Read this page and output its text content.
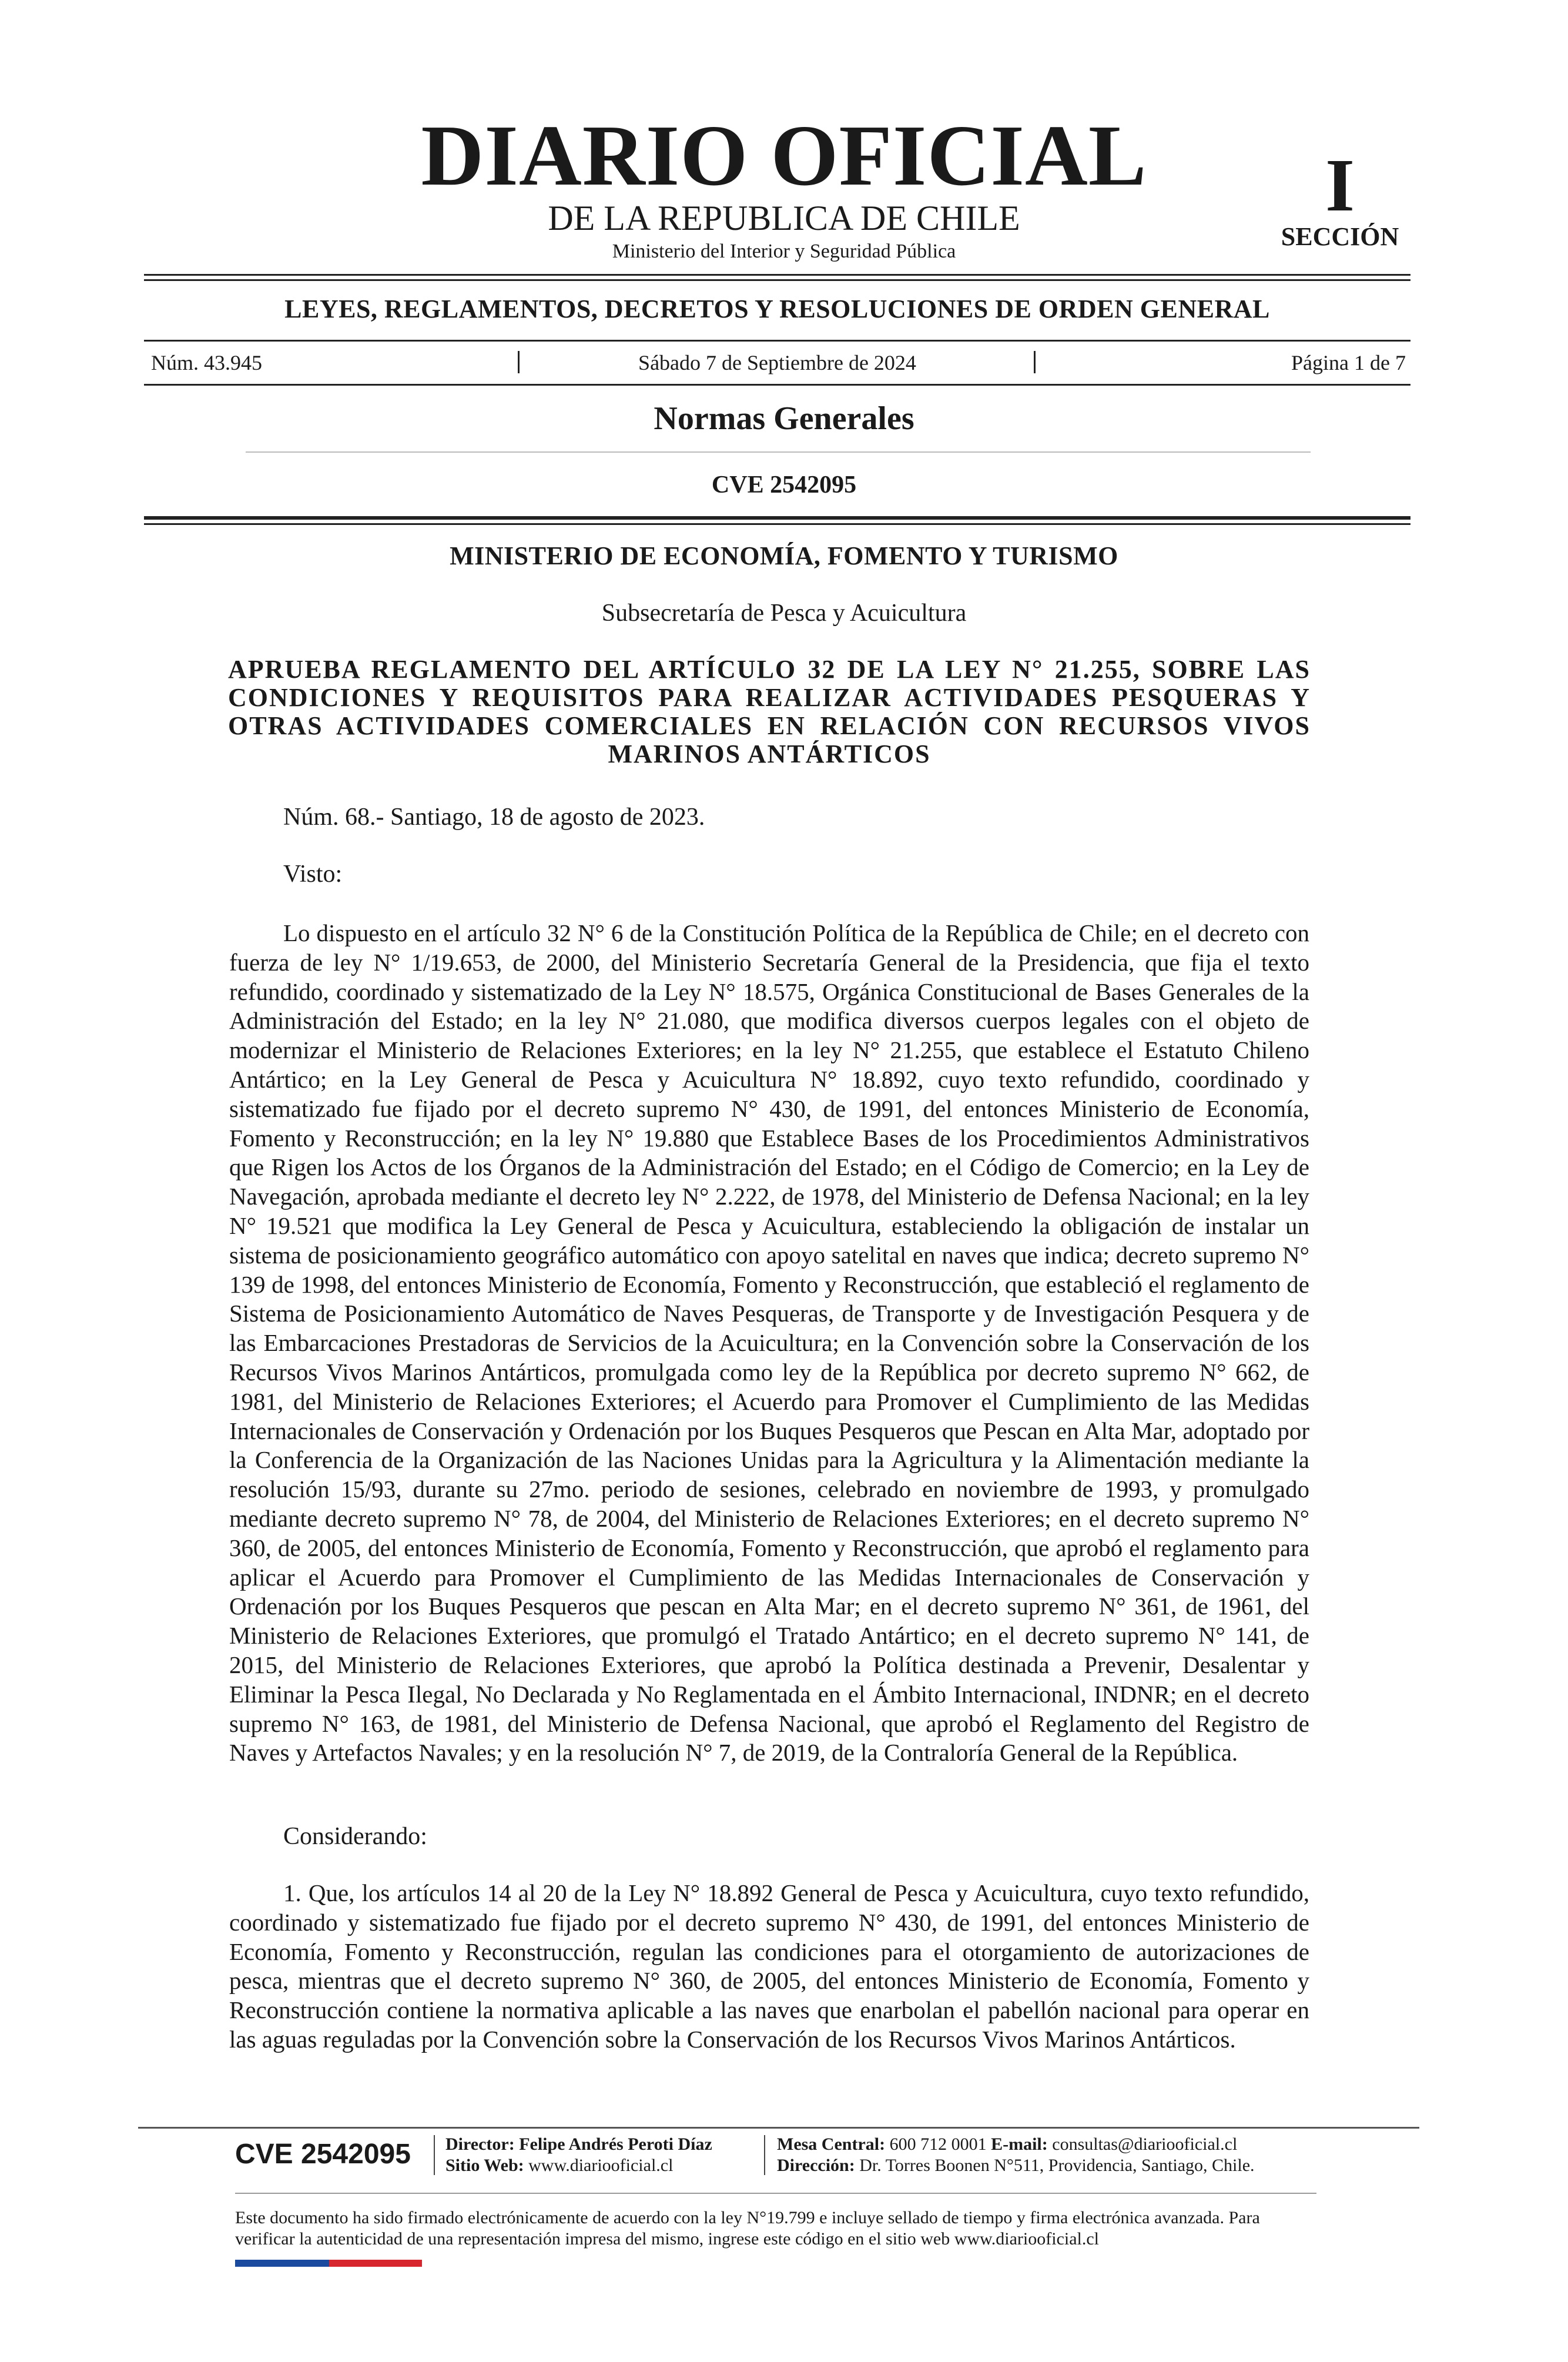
DIARIO OFICIAL
DE LA REPUBLICA DE CHILE
Ministerio del Interior y Seguridad Pública
I
SECCIÓN
LEYES, REGLAMENTOS, DECRETOS Y RESOLUCIONES DE ORDEN GENERAL
Núm. 43.945	Sábado 7 de Septiembre de 2024	Página 1 de 7
Normas Generales
CVE 2542095
MINISTERIO DE ECONOMÍA, FOMENTO Y TURISMO
Subsecretaría de Pesca y Acuicultura
APRUEBA REGLAMENTO DEL ARTÍCULO 32 DE LA LEY N° 21.255, SOBRE LAS CONDICIONES Y REQUISITOS PARA REALIZAR ACTIVIDADES PESQUERAS Y OTRAS ACTIVIDADES COMERCIALES EN RELACIÓN CON RECURSOS VIVOS MARINOS ANTÁRTICOS
Núm. 68.- Santiago, 18 de agosto de 2023.
Visto:
Lo dispuesto en el artículo 32 N° 6 de la Constitución Política de la República de Chile; en el decreto con fuerza de ley N° 1/19.653, de 2000, del Ministerio Secretaría General de la Presidencia, que fija el texto refundido, coordinado y sistematizado de la Ley N° 18.575, Orgánica Constitucional de Bases Generales de la Administración del Estado; en la ley N° 21.080, que modifica diversos cuerpos legales con el objeto de modernizar el Ministerio de Relaciones Exteriores; en la ley N° 21.255, que establece el Estatuto Chileno Antártico; en la Ley General de Pesca y Acuicultura N° 18.892, cuyo texto refundido, coordinado y sistematizado fue fijado por el decreto supremo N° 430, de 1991, del entonces Ministerio de Economía, Fomento y Reconstrucción; en la ley N° 19.880 que Establece Bases de los Procedimientos Administrativos que Rigen los Actos de los Órganos de la Administración del Estado; en el Código de Comercio; en la Ley de Navegación, aprobada mediante el decreto ley N° 2.222, de 1978, del Ministerio de Defensa Nacional; en la ley N° 19.521 que modifica la Ley General de Pesca y Acuicultura, estableciendo la obligación de instalar un sistema de posicionamiento geográfico automático con apoyo satelital en naves que indica; decreto supremo N° 139 de 1998, del entonces Ministerio de Economía, Fomento y Reconstrucción, que estableció el reglamento de Sistema de Posicionamiento Automático de Naves Pesqueras, de Transporte y de Investigación Pesquera y de las Embarcaciones Prestadoras de Servicios de la Acuicultura; en la Convención sobre la Conservación de los Recursos Vivos Marinos Antárticos, promulgada como ley de la República por decreto supremo N° 662, de 1981, del Ministerio de Relaciones Exteriores; el Acuerdo para Promover el Cumplimiento de las Medidas Internacionales de Conservación y Ordenación por los Buques Pesqueros que Pescan en Alta Mar, adoptado por la Conferencia de la Organización de las Naciones Unidas para la Agricultura y la Alimentación mediante la resolución 15/93, durante su 27mo. periodo de sesiones, celebrado en noviembre de 1993, y promulgado mediante decreto supremo N° 78, de 2004, del Ministerio de Relaciones Exteriores; en el decreto supremo N° 360, de 2005, del entonces Ministerio de Economía, Fomento y Reconstrucción, que aprobó el reglamento para aplicar el Acuerdo para Promover el Cumplimiento de las Medidas Internacionales de Conservación y Ordenación por los Buques Pesqueros que pescan en Alta Mar; en el decreto supremo N° 361, de 1961, del Ministerio de Relaciones Exteriores, que promulgó el Tratado Antártico; en el decreto supremo N° 141, de 2015, del Ministerio de Relaciones Exteriores, que aprobó la Política destinada a Prevenir, Desalentar y Eliminar la Pesca Ilegal, No Declarada y No Reglamentada en el Ámbito Internacional, INDNR; en el decreto supremo N° 163, de 1981, del Ministerio de Defensa Nacional, que aprobó el Reglamento del Registro de Naves y Artefactos Navales; y en la resolución N° 7, de 2019, de la Contraloría General de la República.
Considerando:
1. Que, los artículos 14 al 20 de la Ley N° 18.892 General de Pesca y Acuicultura, cuyo texto refundido, coordinado y sistematizado fue fijado por el decreto supremo N° 430, de 1991, del entonces Ministerio de Economía, Fomento y Reconstrucción, regulan las condiciones para el otorgamiento de autorizaciones de pesca, mientras que el decreto supremo N° 360, de 2005, del entonces Ministerio de Economía, Fomento y Reconstrucción contiene la normativa aplicable a las naves que enarbolan el pabellón nacional para operar en las aguas reguladas por la Convención sobre la Conservación de los Recursos Vivos Marinos Antárticos.
CVE 2542095 Director: Felipe Andrés Peroti Díaz
Sitio Web: www.diariooficial.cl
Mesa Central: 600 712 0001 E-mail: consultas@diariooficial.cl
Dirección: Dr. Torres Boonen N°511, Providencia, Santiago, Chile.
Este documento ha sido firmado electrónicamente de acuerdo con la ley N°19.799 e incluye sellado de tiempo y firma electrónica avanzada. Para verificar la autenticidad de una representación impresa del mismo, ingrese este código en el sitio web www.diariooficial.cl
